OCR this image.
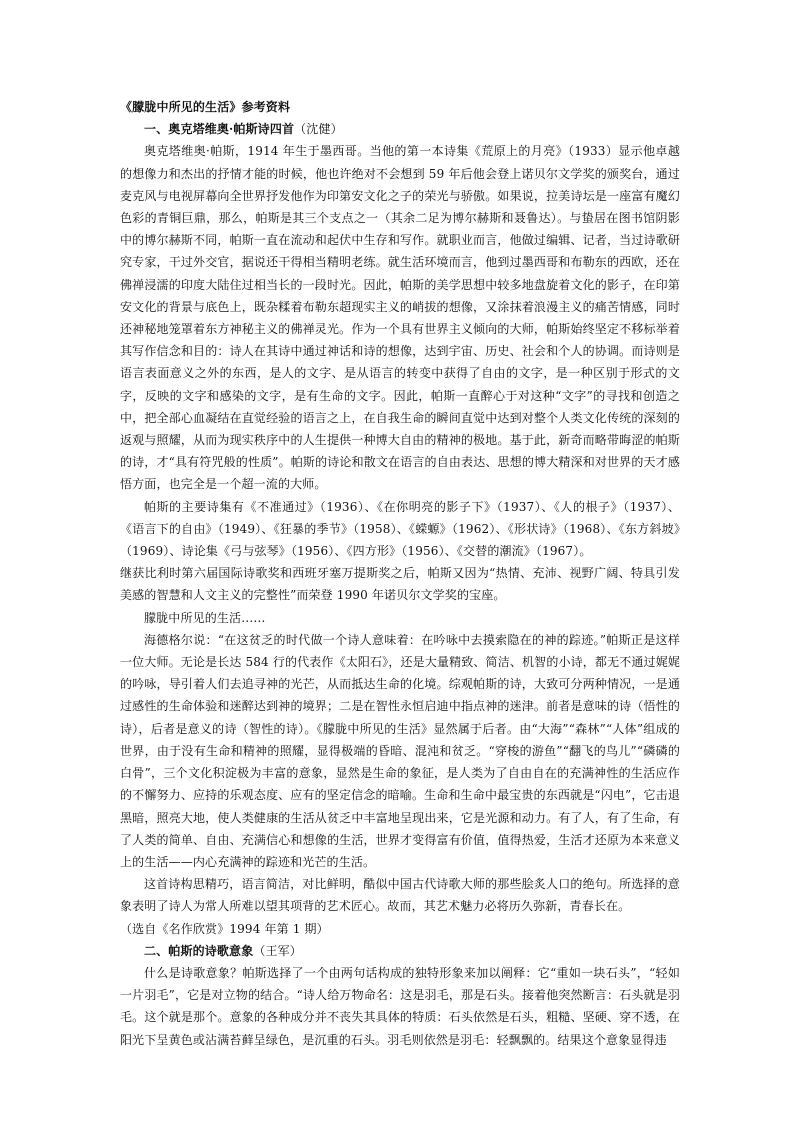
《朦胧中所见的生活》参考资料

一、奥克塔维奥·帕斯诗四首（沈健）

奥克塔维奥·帕斯，1914 年生于墨西哥。当他的第一本诗集《荒原上的月亮》（1933）显示他卓越的想像力和杰出的抒情才能的时候，他也许绝对不会想到 59 年后他会登上诺贝尔文学奖的颁奖台，通过麦克风与电视屏幕向全世界抒发他作为印第安文化之子的荣光与骄傲。如果说，拉美诗坛是一座富有魔幻色彩的青铜巨鼎，那么，帕斯是其三个支点之一（其余二足为博尔赫斯和聂鲁达）。与蛰居在图书馆阴影中的博尔赫斯不同，帕斯一直在流动和起伏中生存和写作。就职业而言，他做过编辑、记者，当过诗歌研究专家，干过外交官，据说还干得相当精明老练。就生活环境而言，他到过墨西哥和布勒东的西欧，还在佛禅浸濡的印度大陆住过相当长的一段时光。因此，帕斯的美学思想中较多地盘旋着文化的影子，在印第安文化的背景与底色上，既杂糅着布勒东超现实主义的峭拔的想像，又涂抹着浪漫主义的痛苦情感，同时还神秘地笼罩着东方神秘主义的佛禅灵光。作为一个具有世界主义倾向的大师，帕斯始终坚定不移标举着其写作信念和目的：诗人在其诗中通过神话和诗的想像，达到宇宙、历史、社会和个人的协调。而诗则是语言表面意义之外的东西，是人的文字、是从语言的转变中获得了自由的文字，是一种区别于形式的文字，反映的文字和感染的文字，是有生命的文字。因此，帕斯一直醉心于对这种“文字”的寻找和创造之中，把全部心血凝结在直觉经验的语言之上，在自我生命的瞬间直觉中达到对整个人类文化传统的深刻的返观与照耀，从而为现实秩序中的人生提供一种博大自由的精神的极地。基于此，新奇而略带晦涩的帕斯的诗，才“具有符咒般的性质”。帕斯的诗论和散文在语言的自由表达、思想的博大精深和对世界的天才感悟方面，也完全是一个超一流的大师。

帕斯的主要诗集有《不准通过》（1936）、《在你明亮的影子下》（1937）、《人的根子》（1937）、《语言下的自由》（1949）、《狂暴的季节》（1958）、《蝾螈》（1962）、《形状诗》（1968）、《东方斜坡》（1969）、诗论集《弓与弦琴》（1956）、《四方形》（1956）、《交替的潮流》（1967）。

继获比利时第六届国际诗歌奖和西班牙塞万提斯奖之后，帕斯又因为“热情、充沛、视野广阔、特具引发美感的智慧和人文主义的完整性”而荣登 1990 年诺贝尔文学奖的宝座。

朦胧中所见的生活……

海德格尔说：“在这贫乏的时代做一个诗人意味着：在吟咏中去摸索隐在的神的踪迹。”帕斯正是这样一位大师。无论是长达 584 行的代表作《太阳石》，还是大量精致、简洁、机智的小诗，都无不通过娓娓的吟咏，导引着人们去追寻神的光芒，从而抵达生命的化境。综观帕斯的诗，大致可分两种情况，一是通过感性的生命体验和迷醉达到神的境界；二是在智性永恒启迪中指点神的迷津。前者是意味的诗（悟性的诗），后者是意义的诗（智性的诗）。《朦胧中所见的生活》显然属于后者。由“大海”“森林”“人体”组成的世界，由于没有生命和精神的照耀，显得极端的昏暗、混沌和贫乏。“穿梭的游鱼”“翻飞的鸟儿”“磷磷的白骨”，三个文化积淀极为丰富的意象，显然是生命的象征，是人类为了自由自在的充满神性的生活应作的不懈努力、应持的乐观态度、应有的坚定信念的暗喻。生命和生命中最宝贵的东西就是“闪电”，它击退黑暗，照亮大地，使人类健康的生活从贫乏中丰富地呈现出来，它是光源和动力。有了人，有了生命，有了人类的简单、自由、充满信心和想像的生活，世界才变得富有价值，值得热爱，生活才还原为本来意义上的生活——内心充满神的踪迹和光芒的生活。

这首诗构思精巧，语言简洁，对比鲜明，酷似中国古代诗歌大师的那些脍炙人口的绝句。所选择的意象表明了诗人为常人所难以望其项背的艺术匠心。故而，其艺术魅力必将历久弥新，青春长在。

（选自《名作欣赏》1994 年第 1 期）

二、帕斯的诗歌意象（王军）

什么是诗歌意象？帕斯选择了一个由两句话构成的独特形象来加以阐释：它“重如一块石头”，“轻如一片羽毛”，它是对立物的结合。“诗人给万物命名：这是羽毛，那是石头。接着他突然断言：石头就是羽毛。这个就是那个。意象的各种成分并不丧失其具体的特质：石头依然是石头，粗糙、坚硬、穿不透，在阳光下呈黄色或沾满苔藓呈绿色，是沉重的石头。羽毛则依然是羽毛：轻飘飘的。结果这个意象显得违
